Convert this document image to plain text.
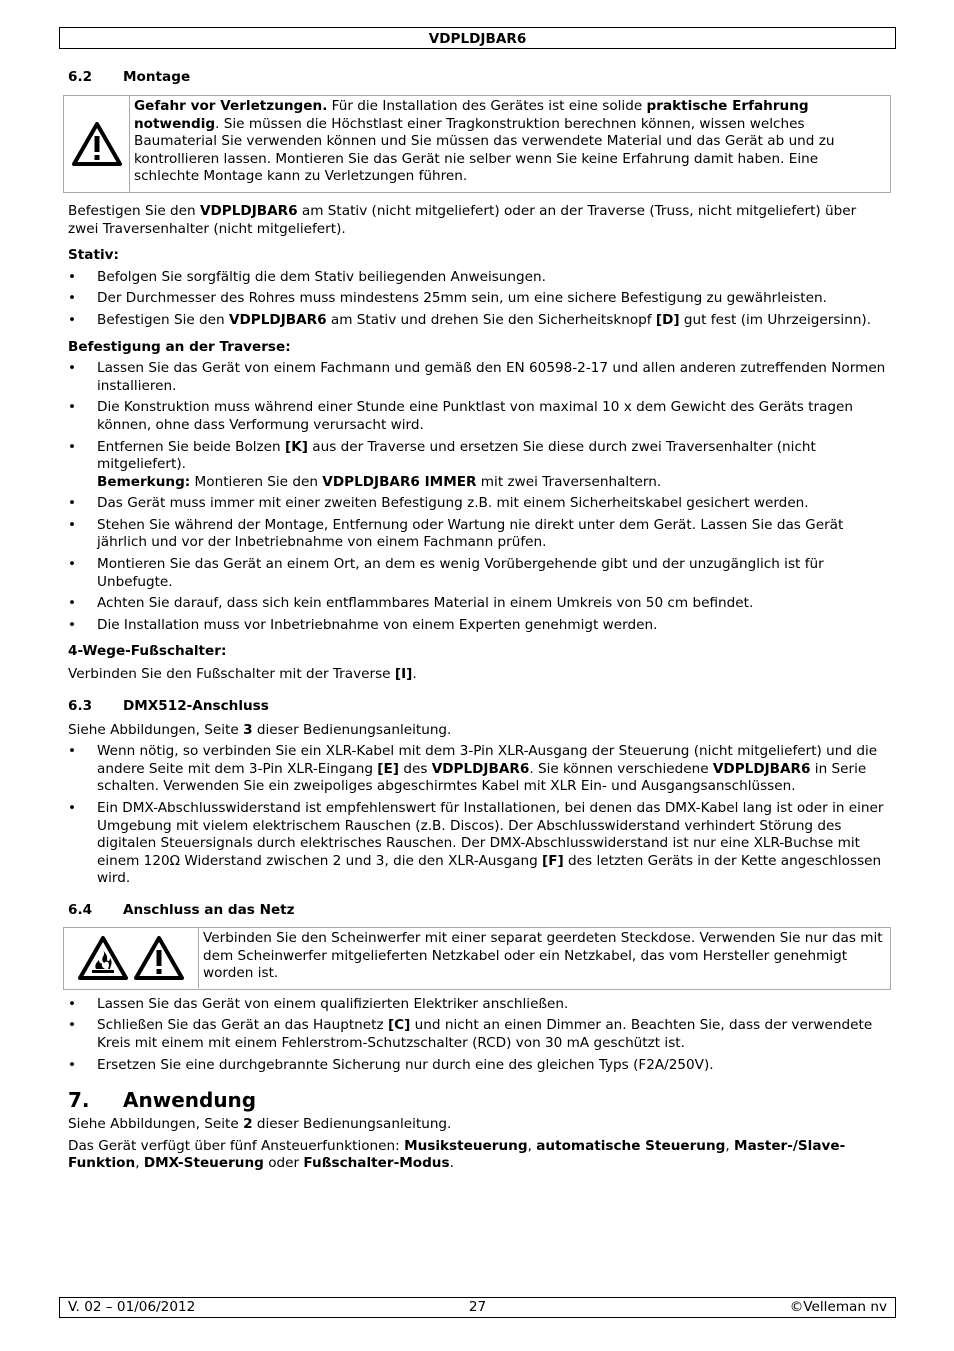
VDPLDJBAR6
6.2 Montage
Gefahr vor Verletzungen. Für die Installation des Gerätes ist eine solide praktische Erfahrung notwendig. Sie müssen die Höchstlast einer Tragkonstruktion berechnen können, wissen welches Baumaterial Sie verwenden können und Sie müssen das verwendete Material und das Gerät ab und zu kontrollieren lassen. Montieren Sie das Gerät nie selber wenn Sie keine Erfahrung damit haben. Eine schlechte Montage kann zu Verletzungen führen.

Befestigen Sie den VDPLDJBAR6 am Stativ (nicht mitgeliefert) oder an der Traverse (Truss, nicht mitgeliefert) über zwei Traversenhalter (nicht mitgeliefert).

Stativ:

• Befolgen Sie sorgfältig die dem Stativ beiliegenden Anweisungen.
• Der Durchmesser des Rohres muss mindestens 25mm sein, um eine sichere Befestigung zu gewährleisten.
• Befestigen Sie den VDPLDJBAR6 am Stativ und drehen Sie den Sicherheitsknopf [D] gut fest (im Uhrzeigersinn).

Befestigung an der Traverse:

• Lassen Sie das Gerät von einem Fachmann und gemäß den EN 60598-2-17 und allen anderen zutreffenden Normen installieren.
• Die Konstruktion muss während einer Stunde eine Punktlast von maximal 10 x dem Gewicht des Geräts tragen können, ohne dass Verformung verursacht wird.
• Entfernen Sie beide Bolzen [K] aus der Traverse und ersetzen Sie diese durch zwei Traversenhalter (nicht mitgeliefert).
Bemerkung: Montieren Sie den VDPLDJBAR6 IMMER mit zwei Traversenhaltern.
• Das Gerät muss immer mit einer zweiten Befestigung z.B. mit einem Sicherheitskabel gesichert werden.
• Stehen Sie während der Montage, Entfernung oder Wartung nie direkt unter dem Gerät. Lassen Sie das Gerät jährlich und vor der Inbetriebnahme von einem Fachmann prüfen.
• Montieren Sie das Gerät an einem Ort, an dem es wenig Vorübergehende gibt und der unzugänglich ist für Unbefugte.
• Achten Sie darauf, dass sich kein entflammbares Material in einem Umkreis von 50 cm befindet.
• Die Installation muss vor Inbetriebnahme von einem Experten genehmigt werden.

4-Wege-Fußschalter:

Verbinden Sie den Fußschalter mit der Traverse [I].

6.3 DMX512-Anschluss

Siehe Abbildungen, Seite 3 dieser Bedienungsanleitung.

• Wenn nötig, so verbinden Sie ein XLR-Kabel mit dem 3-Pin XLR-Ausgang der Steuerung (nicht mitgeliefert) und die andere Seite mit dem 3-Pin XLR-Eingang [E] des VDPLDJBAR6. Sie können verschiedene VDPLDJBAR6 in Serie schalten. Verwenden Sie ein zweipoliges abgeschirmtes Kabel mit XLR Ein- und Ausgangsanschlüssen.
• Ein DMX-Abschlusswiderstand ist empfehlenswert für Installationen, bei denen das DMX-Kabel lang ist oder in einer Umgebung mit vielem elektrischem Rauschen (z.B. Discos). Der Abschlusswiderstand verhindert Störung des digitalen Steuersignals durch elektrisches Rauschen. Der DMX-Abschlusswiderstand ist nur eine XLR-Buchse mit einem 120Ω Widerstand zwischen 2 und 3, die den XLR-Ausgang [F] des letzten Geräts in der Kette angeschlossen wird.
6.4 Anschluss an das Netz
Verbinden Sie den Scheinwerfer mit einer separat geerdeten Steckdose. Verwenden Sie nur das mit dem Scheinwerfer mitgelieferten Netzkabel oder ein Netzkabel, das vom Hersteller genehmigt worden ist.
• Lassen Sie das Gerät von einem qualifizierten Elektriker anschließen.
• Schließen Sie das Gerät an das Hauptnetz [C] und nicht an einen Dimmer an. Beachten Sie, dass der verwendete Kreis mit einem mit einem Fehlerstrom-Schutzschalter (RCD) von 30 mA geschützt ist.
• Ersetzen Sie eine durchgebrannte Sicherung nur durch eine des gleichen Typs (F2A/250V).
7. Anwendung

Siehe Abbildungen, Seite 2 dieser Bedienungsanleitung.

Das Gerät verfügt über fünf Ansteuerfunktionen: Musiksteuerung, automatische Steuerung, Master-/Slave-Funktion, DMX-Steuerung oder Fußschalter-Modus.

V. 02 – 01/06/2012	27	©Velleman nv
